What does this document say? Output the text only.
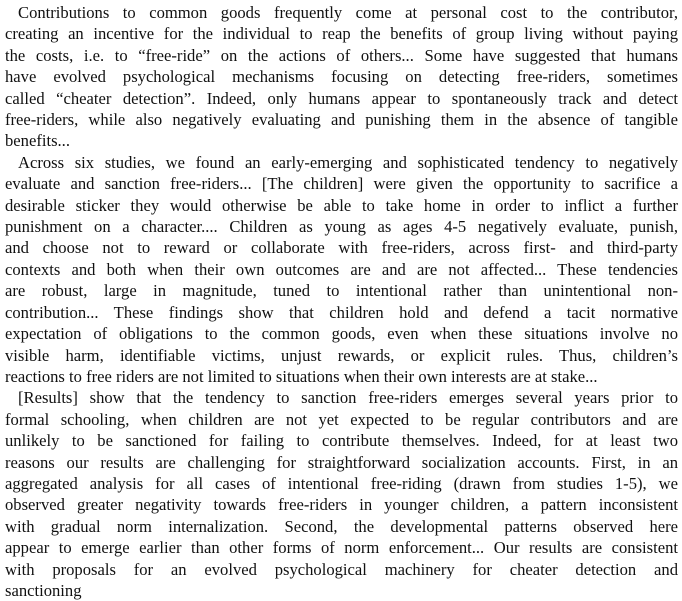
Contributions to common goods frequently come at personal cost to the contributor,
creating an incentive for the individual to reap the benefits of group living without paying
the costs, i.e. to “free-ride” on the actions of others... Some have suggested that humans
have evolved psychological mechanisms focusing on detecting free-riders, sometimes
called “cheater detection”. Indeed, only humans appear to spontaneously track and detect
free-riders, while also negatively evaluating and punishing them in the absence of tangible
benefits...

Across six studies, we found an early-emerging and sophisticated tendency to negatively
evaluate and sanction free-riders... [The children] were given the opportunity to sacrifice a
desirable sticker they would otherwise be able to take home in order to inflict a further
punishment on a character.... Children as young as ages 4-5 negatively evaluate, punish,
and choose not to reward or collaborate with free-riders, across first- and third-party
contexts and both when their own outcomes are and are not affected... These tendencies
are robust, large in magnitude, tuned to intentional rather than unintentional non-
contribution... These findings show that children hold and defend a tacit normative
expectation of obligations to the common goods, even when these situations involve no
visible harm, identifiable victims, unjust rewards, or explicit rules. Thus, children’s
reactions to free riders are not limited to situations when their own interests are at stake...

[Results] show that the tendency to sanction free-riders emerges several years prior to
formal schooling, when children are not yet expected to be regular contributors and are
unlikely to be sanctioned for failing to contribute themselves. Indeed, for at least two
reasons our results are challenging for straightforward socialization accounts. First, in an
aggregated analysis for all cases of intentional free-riding (drawn from studies 1-5), we
observed greater negativity towards free-riders in younger children, a pattern inconsistent
with gradual norm internalization. Second, the developmental patterns observed here
appear to emerge earlier than other forms of norm enforcement... Our results are consistent
with proposals for an evolved psychological machinery for cheater detection and
sanctioning
